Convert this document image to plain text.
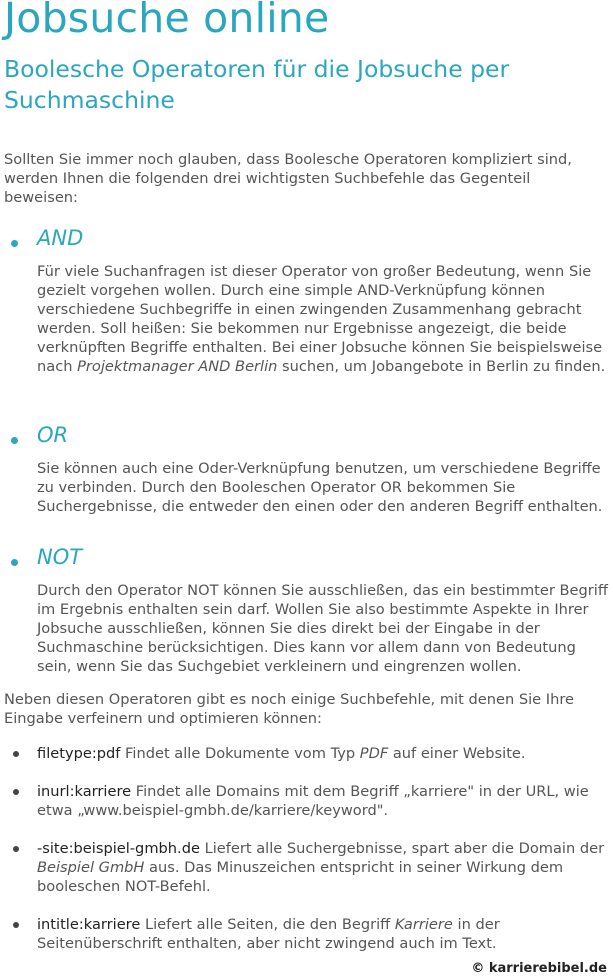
Jobsuche online
Boolesche Operatoren für die Jobsuche per Suchmaschine

Sollten Sie immer noch glauben, dass Boolesche Operatoren kompliziert sind, werden Ihnen die folgenden drei wichtigsten Suchbefehle das Gegenteil beweisen:

AND

Für viele Suchanfragen ist dieser Operator von großer Bedeutung, wenn Sie gezielt vorgehen wollen. Durch eine simple AND-Verknüpfung können verschiedene Suchbegriffe in einen zwingenden Zusammenhang gebracht werden. Soll heißen: Sie bekommen nur Ergebnisse angezeigt, die beide verknüpften Begriffe enthalten. Bei einer Jobsuche können Sie beispielsweise nach Projektmanager AND Berlin suchen, um Jobangebote in Berlin zu finden.

OR

Sie können auch eine Oder-Verknüpfung benutzen, um verschiedene Begriffe zu verbinden. Durch den Booleschen Operator OR bekommen Sie Suchergebnisse, die entweder den einen oder den anderen Begriff enthalten.

NOT

Durch den Operator NOT können Sie ausschließen, das ein bestimmter Begriff im Ergebnis enthalten sein darf. Wollen Sie also bestimmte Aspekte in Ihrer Jobsuche ausschließen, können Sie dies direkt bei der Eingabe in der Suchmaschine berücksichtigen. Dies kann vor allem dann von Bedeutung sein, wenn Sie das Suchgebiet verkleinern und eingrenzen wollen.

Neben diesen Operatoren gibt es noch einige Suchbefehle, mit denen Sie Ihre Eingabe verfeinern und optimieren können:

filetype:pdf Findet alle Dokumente vom Typ PDF auf einer Website.

inurl:karriere Findet alle Domains mit dem Begriff „karriere" in der URL, wie etwa „www.beispiel-gmbh.de/karriere/keyword".

-site:beispiel-gmbh.de Liefert alle Suchergebnisse, spart aber die Domain der Beispiel GmbH aus. Das Minuszeichen entspricht in seiner Wirkung dem booleschen NOT-Befehl.

intitle:karriere Liefert alle Seiten, die den Begriff Karriere in der Seitenüberschrift enthalten, aber nicht zwingend auch im Text.

© karrierebibel.de
